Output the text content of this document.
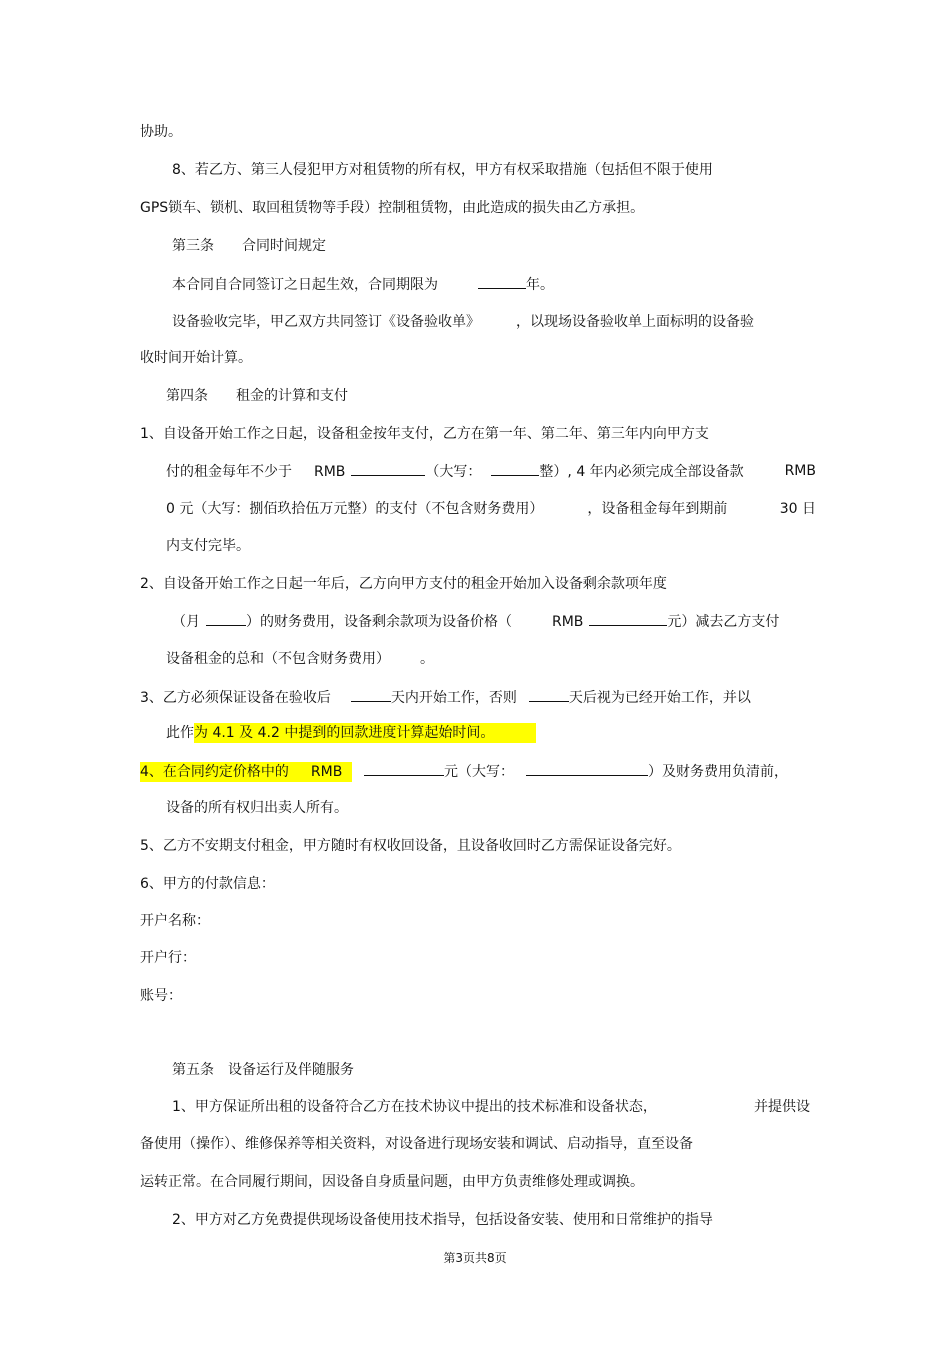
协助。
8、若乙方、第三人侵犯甲方对租赁物的所有权，甲方有权采取措施（包括但不限于使用
GPS锁车、锁机、取回租赁物等手段）控制租赁物，由此造成的损失由乙方承担。
第三条　　合同时间规定
本合同自合同签订之日起生效，合同期限为	年。
设备验收完毕，甲乙双方共同签订《设备验收单》	，以现场设备验收单上面标明的设备验
收时间开始计算。
第四条　　租金的计算和支付
1、自设备开始工作之日起，设备租金按年支付，乙方在第一年、第二年、第三年内向甲方支
付的租金每年不少于 RMB	（大写：	整）, 4 年内必须完成全部设备款	RMB
0 元（大写：捌佰玖拾伍万元整）的支付（不包含财务费用）	，设备租金每年到期前	30 日
内支付完毕。
2、自设备开始工作之日起一年后，乙方向甲方支付的租金开始加入设备剩余款项年度
（月	）的财务费用，设备剩余款项为设备价格（	RMB	元）减去乙方支付
设备租金的总和（不包含财务费用） 。
3、乙方必须保证设备在验收后	天内开始工作，否则	天后视为已经开始工作，并以
此作为 4.1 及 4.2 中提到的回款进度计算起始时间。
4、在合同约定价格中的 RMB	元（大写：	）及财务费用负清前，
设备的所有权归出卖人所有。
5、乙方不安期支付租金，甲方随时有权收回设备，且设备收回时乙方需保证设备完好。
6、甲方的付款信息：
开户名称：
开户行：
账号：
第五条　设备运行及伴随服务
1、甲方保证所出租的设备符合乙方在技术协议中提出的技术标准和设备状态，	并提供设
备使用（操作）、维修保养等相关资料，对设备进行现场安装和调试、启动指导，直至设备
运转正常。在合同履行期间，因设备自身质量问题，由甲方负责维修处理或调换。
2、甲方对乙方免费提供现场设备使用技术指导，包括设备安装、使用和日常维护的指导
第3页共8页
